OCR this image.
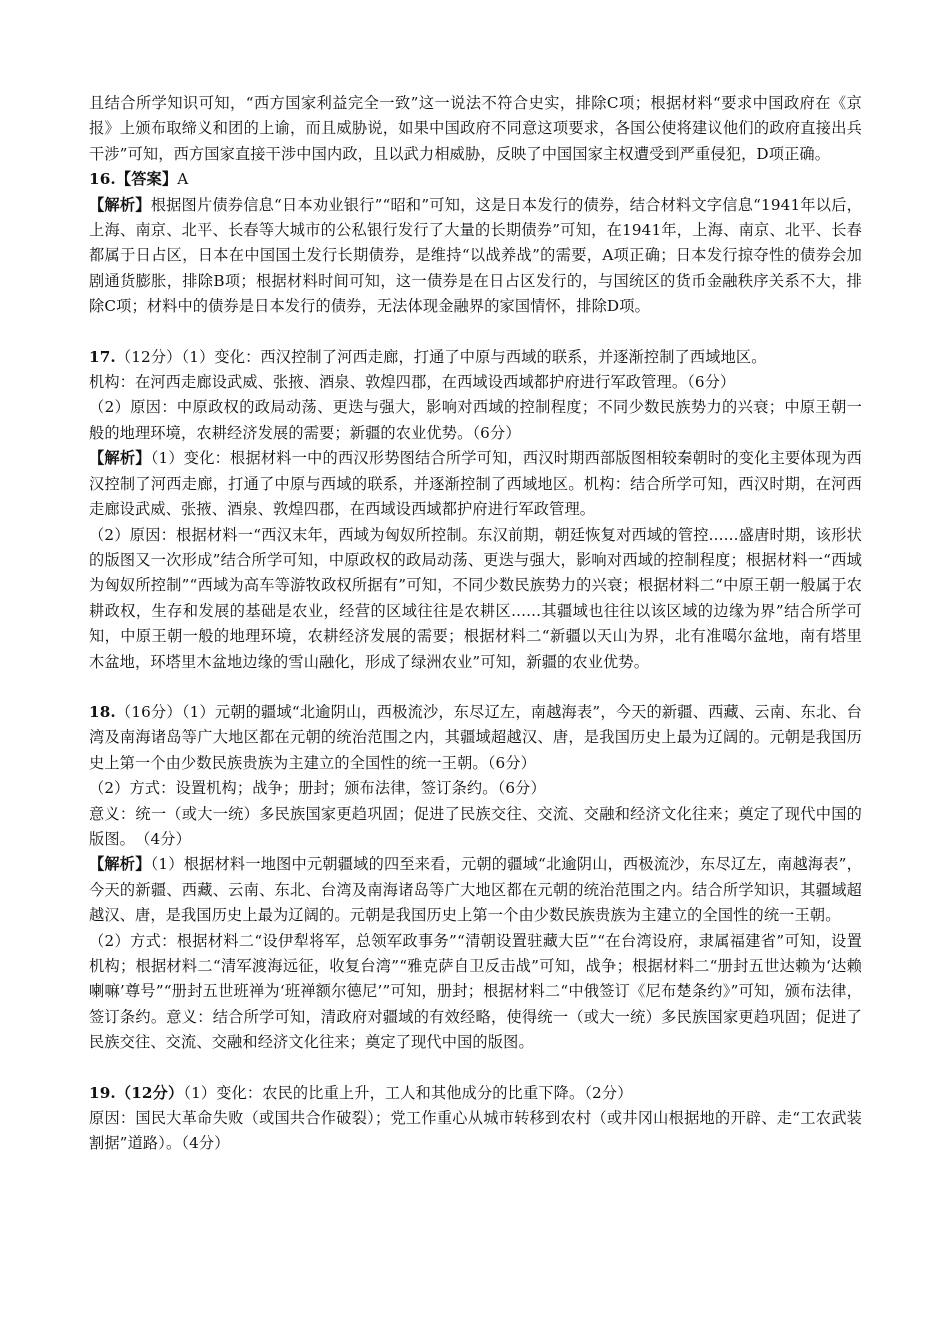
且结合所学知识可知，“西方国家利益完全一致”这一说法不符合史实，排除C项；根据材料“要求中国政府在《京报》上颁布取缔义和团的上谕，而且威胁说，如果中国政府不同意这项要求，各国公使将建议他们的政府直接出兵干涉”可知，西方国家直接干涉中国内政，且以武力相威胁，反映了中国国家主权遭受到严重侵犯，D项正确。

16.【答案】A

【解析】根据图片债券信息“日本劝业银行”“昭和”可知，这是日本发行的债券，结合材料文字信息“1941年以后，上海、南京、北平、长春等大城市的公私银行发行了大量的长期债券”可知，在1941年，上海、南京、北平、长春都属于日占区，日本在中国国土发行长期债券，是维持“以战养战”的需要，A项正确；日本发行掠夺性的债券会加剧通货膨胀，排除B项；根据材料时间可知，这一债券是在日占区发行的，与国统区的货币金融秩序关系不大，排除C项；材料中的债券是日本发行的债券，无法体现金融界的家国情怀，排除D项。

17.（12分）（1）变化：西汉控制了河西走廊，打通了中原与西域的联系，并逐渐控制了西域地区。

机构：在河西走廊设武威、张掖、酒泉、敦煌四郡，在西域设西域都护府进行军政管理。（6分）

（2）原因：中原政权的政局动荡、更迭与强大，影响对西域的控制程度；不同少数民族势力的兴衰；中原王朝一般的地理环境，农耕经济发展的需要；新疆的农业优势。（6分）

【解析】（1）变化：根据材料一中的西汉形势图结合所学可知，西汉时期西部版图相较秦朝时的变化主要体现为西汉控制了河西走廊，打通了中原与西域的联系，并逐渐控制了西域地区。机构：结合所学可知，西汉时期，在河西走廊设武威、张掖、酒泉、敦煌四郡，在西域设西域都护府进行军政管理。

（2）原因：根据材料一“西汉末年，西域为匈奴所控制。东汉前期，朝廷恢复对西域的管控......盛唐时期，该形状的版图又一次形成”结合所学可知，中原政权的政局动荡、更迭与强大，影响对西域的控制程度；根据材料一“西域为匈奴所控制”“西域为高车等游牧政权所据有”可知，不同少数民族势力的兴衰；根据材料二“中原王朝一般属于农耕政权，生存和发展的基础是农业，经营的区域往往是农耕区......其疆域也往往以该区域的边缘为界”结合所学可知，中原王朝一般的地理环境，农耕经济发展的需要；根据材料二“新疆以天山为界，北有准噶尔盆地，南有塔里木盆地，环塔里木盆地边缘的雪山融化，形成了绿洲农业”可知，新疆的农业优势。

18.（16分）（1）元朝的疆域“北逾阴山，西极流沙，东尽辽左，南越海表”，今天的新疆、西藏、云南、东北、台湾及南海诸岛等广大地区都在元朝的统治范围之内，其疆域超越汉、唐，是我国历史上最为辽阔的。元朝是我国历史上第一个由少数民族贵族为主建立的全国性的统一王朝。（6分）

（2）方式：设置机构；战争；册封；颁布法律，签订条约。（6分）

意义：统一（或大一统）多民族国家更趋巩固；促进了民族交往、交流、交融和经济文化往来；奠定了现代中国的版图。　（4分）

【解析】（1）根据材料一地图中元朝疆域的四至来看，元朝的疆域“北逾阴山，西极流沙，东尽辽左，南越海表”，今天的新疆、西藏、云南、东北、台湾及南海诸岛等广大地区都在元朝的统治范围之内。结合所学知识，其疆域超越汉、唐，是我国历史上最为辽阔的。元朝是我国历史上第一个由少数民族贵族为主建立的全国性的统一王朝。

（2）方式：根据材料二“设伊犁将军，总领军政事务”“清朝设置驻藏大臣”“在台湾设府，隶属福建省”可知，设置机构；根据材料二“清军渡海远征，收复台湾”“雅克萨自卫反击战”可知，战争；根据材料二“册封五世达赖为‘达赖喇嘛’尊号”“册封五世班禅为‘班禅额尔德尼’”可知，册封；根据材料二“中俄签订《尼布楚条约》”可知，颁布法律，签订条约。意义：结合所学可知，清政府对疆域的有效经略，使得统一（或大一统）多民族国家更趋巩固；促进了民族交往、交流、交融和经济文化往来；奠定了现代中国的版图。

19.（12分）（1）变化：农民的比重上升，工人和其他成分的比重下降。（2分）

原因：国民大革命失败（或国共合作破裂）；党工作重心从城市转移到农村（或井冈山根据地的开辟、走“工农武装割据”道路）。（4分）
